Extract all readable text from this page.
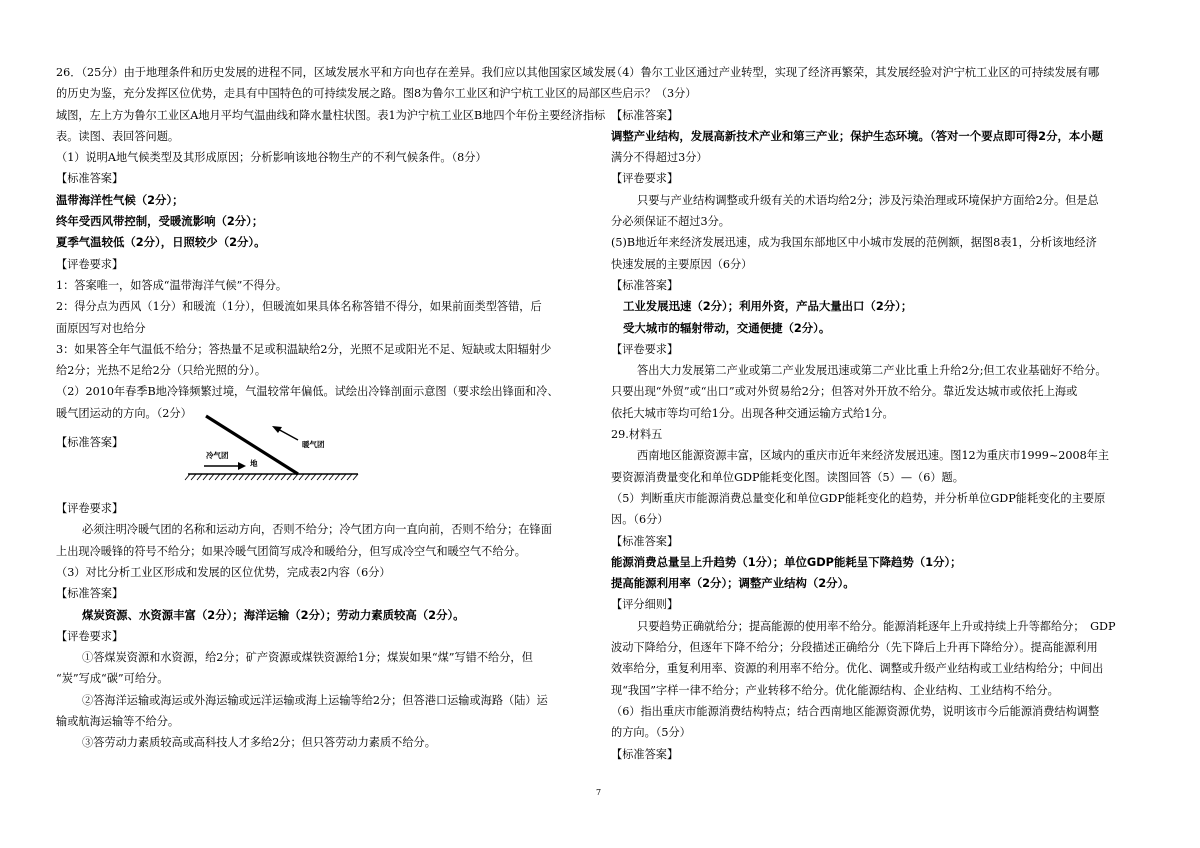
26．（25分）由于地理条件和历史发展的进程不同，区域发展水平和方向也存在差异。我们应以其他国家区域发展
的历史为鉴，充分发挥区位优势，走具有中国特色的可持续发展之路。图8为鲁尔工业区和沪宁杭工业区的局部区
域图，左上方为鲁尔工业区A地月平均气温曲线和降水量柱状图。表1为沪宁杭工业区B地四个年份主要经济指标
表。读图、表回答问题。
（1）说明A地气候类型及其形成原因；分析影响该地谷物生产的不利气候条件。（8分）
【标准答案】
温带海洋性气候（2分）；
终年受西风带控制，受暖流影响（2分）；
夏季气温较低（2分），日照较少（2分）。
【评卷要求】
1：答案唯一，如答成“温带海洋气候”不得分。
2：得分点为西风（1分）和暖流（1分），但暖流如果具体名称答错不得分，如果前面类型答错，后
面原因写对也给分
3：如果答全年气温低不给分；答热量不足或积温缺给2分，光照不足或阳光不足、短缺或太阳辐射少
给2分；光热不足给2分（只给光照的分）。
（2）2010年春季B地冷锋频繁过境，气温较常年偏低。试绘出冷锋剖面示意图（要求绘出锋面和冷、
暖气团运动的方向。（2分）
【标准答案】	暖气团
冷气团
地
【评卷要求】
必须注明冷暖气团的名称和运动方向，否则不给分；冷气团方向一直向前，否则不给分；在锋面
上出现冷暖锋的符号不给分；如果冷暖气团简写成冷和暖给分，但写成冷空气和暖空气不给分。
（3）对比分析工业区形成和发展的区位优势，完成表2内容（6分）
【标准答案】
煤炭资源、水资源丰富（2分）；海洋运输（2分）；劳动力素质较高（2分）。
【评卷要求】
①答煤炭资源和水资源，给2分；矿产资源或煤铁资源给1分；煤炭如果“煤”写错不给分，但
“炭”写成“碳”可给分。
②答海洋运输或海运或外海运输或远洋运输或海上运输等给2分；但答港口运输或海路（陆）运
输或航海运输等不给分。
③答劳动力素质较高或高科技人才多给2分；但只答劳动力素质不给分。
（4）鲁尔工业区通过产业转型，实现了经济再繁荣，其发展经验对沪宁杭工业区的可持续发展有哪
些启示？（3分）
【标准答案】
调整产业结构，发展高新技术产业和第三产业；保护生态环境。（答对一个要点即可得2分，本小题
满分不得超过3分）
【评卷要求】
只要与产业结构调整或升级有关的术语均给2分；涉及污染治理或环境保护方面给2分。但是总
分必须保证不超过3分。
(5)B地近年来经济发展迅速，成为我国东部地区中小城市发展的范例额，据图8表1，分析该地经济
快速发展的主要原因（6分）
【标准答案】
工业发展迅速（2分）；利用外资，产品大量出口（2分）；
受大城市的辐射带动，交通便捷（2分）。
【评卷要求】
答出大力发展第二产业或第二产业发展迅速或第二产业比重上升给2分;但工农业基础好不给分。
只要出现“外贸”或“出口”或对外贸易给2分；但答对外开放不给分。靠近发达城市或依托上海或
依托大城市等均可给1分。出现各种交通运输方式给1分。
29.材料五
西南地区能源资源丰富，区域内的重庆市近年来经济发展迅速。图12为重庆市1999~2008年主
要资源消费量变化和单位GDP能耗变化图。读图回答（5）—（6）题。
（5）判断重庆市能源消费总量变化和单位GDP能耗变化的趋势，并分析单位GDP能耗变化的主要原
因。（6分）
【标准答案】
能源消费总量呈上升趋势（1分）；单位GDP能耗呈下降趋势（1分）；
提高能源利用率（2分）；调整产业结构（2分）。
【评分细则】
只要趋势正确就给分；提高能源的使用率不给分。能源消耗逐年上升或持续上升等都给分；　GDP
波动下降给分，但逐年下降不给分；分段描述正确给分（先下降后上升再下降给分）。提高能源利用
效率给分，重复利用率、资源的利用率不给分。优化、调整或升级产业结构或工业结构给分；中间出
现“我国”字样一律不给分；产业转移不给分。优化能源结构、企业结构、工业结构不给分。
（6）指出重庆市能源消费结构特点；结合西南地区能源资源优势，说明该市今后能源消费结构调整
的方向。（5分）
【标准答案】
7
